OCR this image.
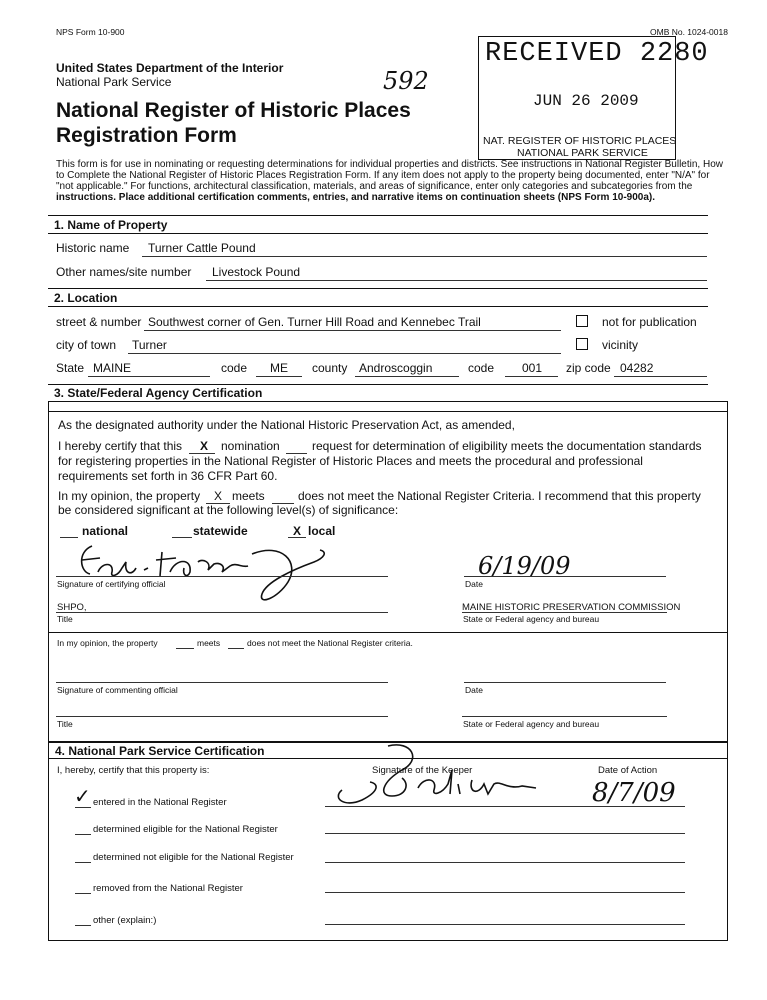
NPS Form 10-900	OMB No. 1024-0018
United States Department of the Interior
National Park Service
National Register of Historic Places
Registration Form
592
RECEIVED 2280
JUN 26 2009
NAT. REGISTER OF HISTORIC PLACES
NATIONAL PARK SERVICE
This form is for use in nominating or requesting determinations for individual properties and districts. See instructions in National Register Bulletin, How
to Complete the National Register of Historic Places Registration Form. If any item does not apply to the property being documented, enter "N/A" for
"not applicable." For functions, architectural classification, materials, and areas of significance, enter only categories and subcategories from the
instructions. Place additional certification comments, entries, and narrative items on continuation sheets (NPS Form 10-900a).
1. Name of Property
Historic name Turner Cattle Pound
Other names/site number Livestock Pound
2. Location
street & number Southwest corner of Gen. Turner Hill Road and Kennebec Trail	not for publication
city of town Turner	vicinity
State MAINE	code ME county Androscoggin	code 001 zip code 04282
3. State/Federal Agency Certification
As the designated authority under the National Historic Preservation Act, as amended,
I hereby certify that this X nomination	request for determination of eligibility meets the documentation standards
for registering properties in the National Register of Historic Places and meets the procedural and professional
requirements set forth in 36 CFR Part 60.
In my opinion, the property X meets	does not meet the National Register Criteria. I recommend that this property
be considered significant at the following level(s) of significance:
national	statewide	X local
Signature of certifying official
6/19/09
Date
SHPO,
Title
MAINE HISTORIC PRESERVATION COMMISSION
State or Federal agency and bureau
In my opinion, the property	meets	does not meet the National Register criteria.
Signature of commenting official	Date
Title	State or Federal agency and bureau
4. National Park Service Certification
I, hereby, certify that this property is:	Signature of the Keeper	Date of Action
8/7/09
✓ entered in the National Register
determined eligible for the National Register
determined not eligible for the National Register
removed from the National Register
other (explain:)
